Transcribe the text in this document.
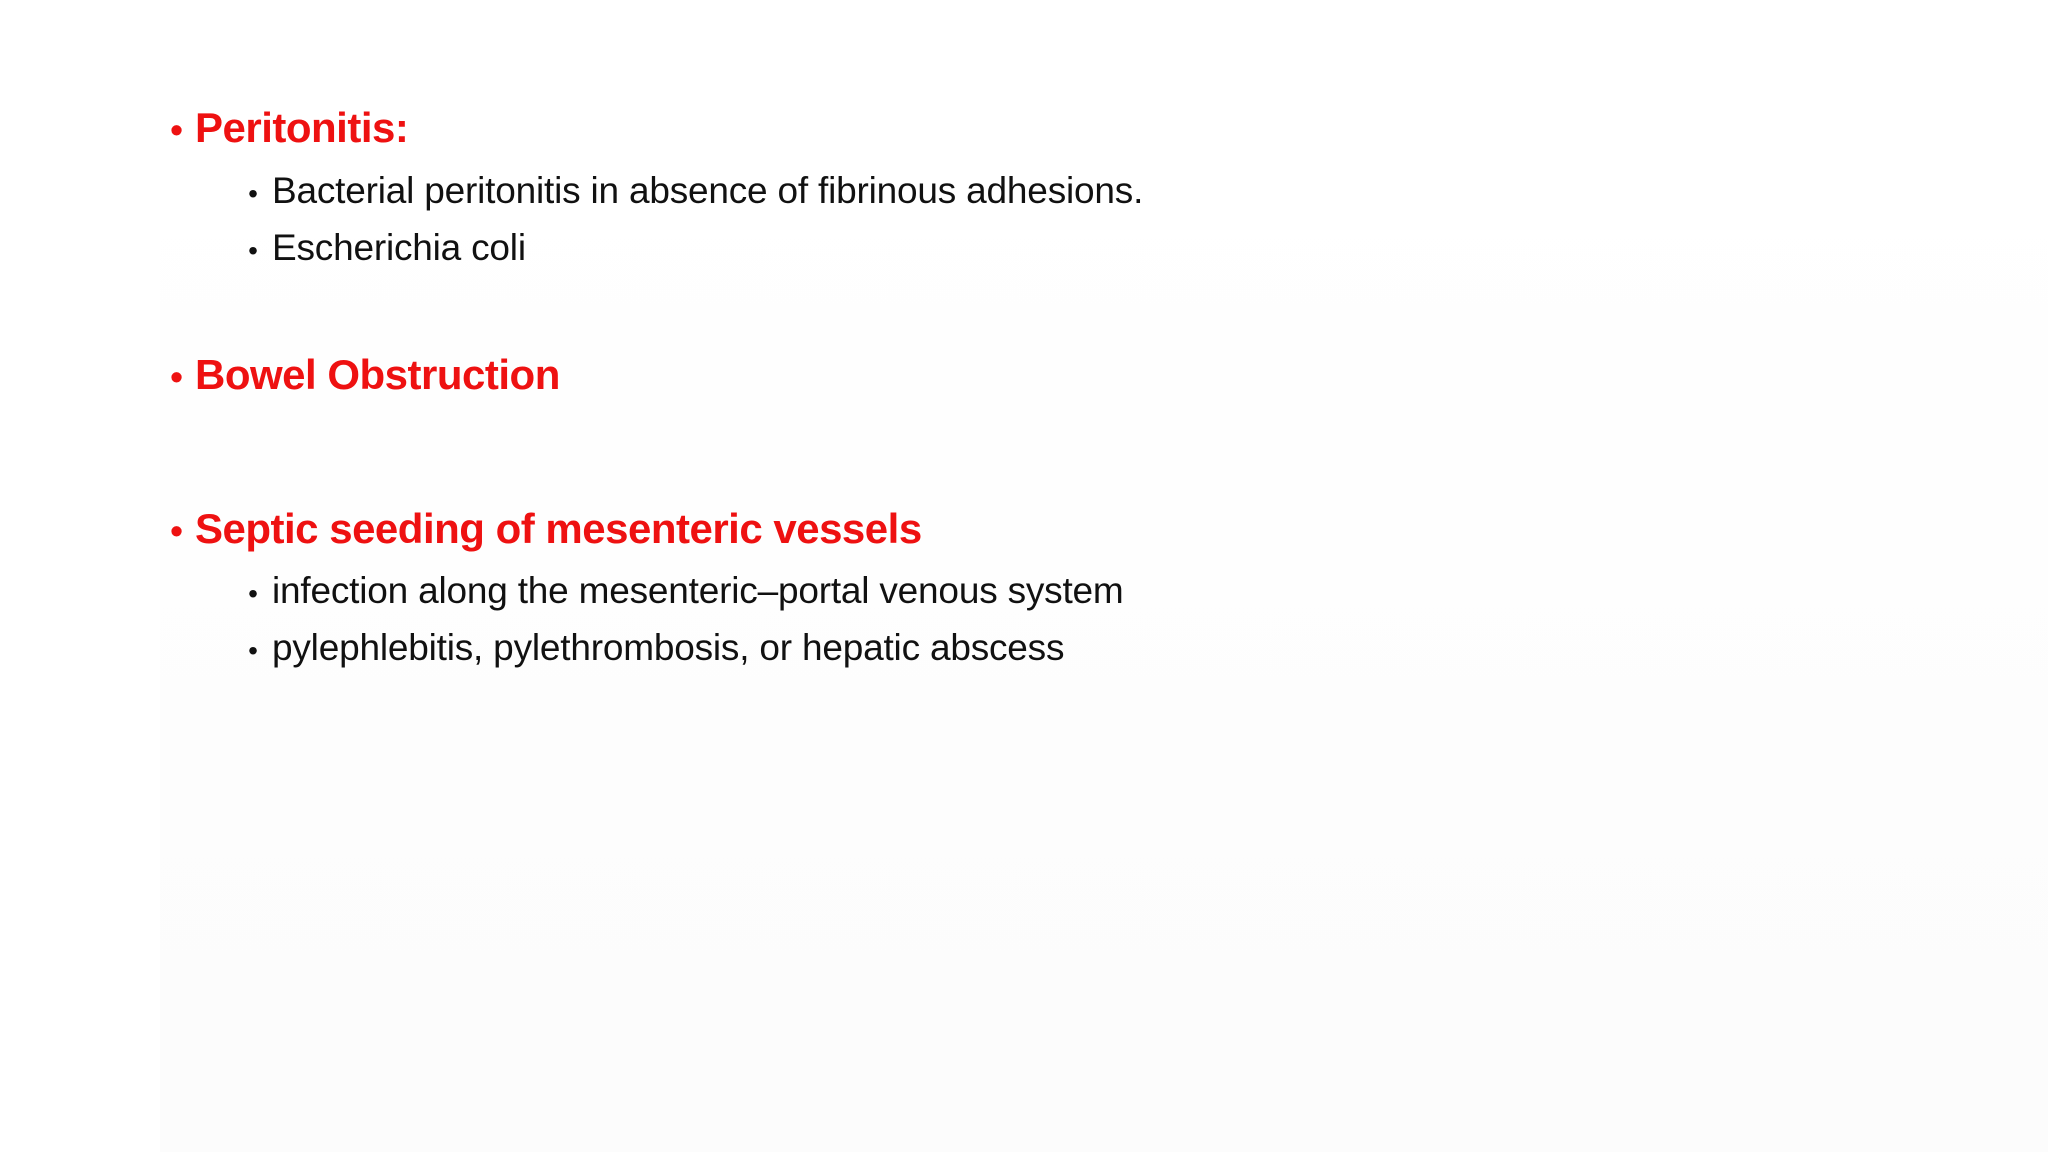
• Peritonitis:
• Bacterial peritonitis in absence of fibrinous adhesions.
• Escherichia coli
• Bowel Obstruction
• Septic seeding of mesenteric vessels
• infection along the mesenteric–portal venous system
• pylephlebitis, pylethrombosis, or hepatic abscess
